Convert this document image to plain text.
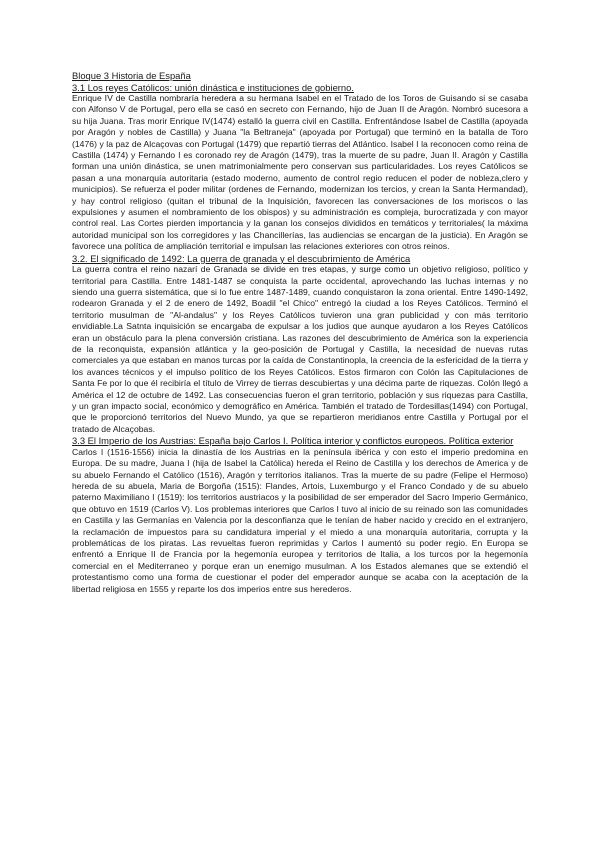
Bloque 3 Historia de España

3.1 Los reyes Católicos: unión dinástica e instituciones de gobierno.

Enrique IV de Castilla nombraría heredera a su hermana Isabel en el Tratado de los Toros de Guisando si se casaba con Alfonso V de Portugal, pero ella se casó en secreto con Fernando, hijo de Juan II de Aragón. Nombró sucesora a su hija Juana. Tras morir Enrique IV(1474) estalló la guerra civil en Castilla. Enfrentándose Isabel de Castilla (apoyada por Aragón y nobles de Castilla) y Juana "la Beltraneja" (apoyada por Portugal) que terminó en la batalla de Toro (1476) y la paz de Alcaçovas con Portugal (1479) que repartió tierras del Atlántico. Isabel I la reconocen como reina de Castilla (1474) y Fernando I es coronado rey de Aragón (1479), tras la muerte de su padre, Juan II. Aragón y Castilla forman una unión dinástica, se unen matrimonialmente pero conservan sus particularidades. Los reyes Católicos se pasan a una monarquía autoritaria (estado moderno, aumento de control regio reducen el poder de nobleza,clero y municipios). Se refuerza el poder militar (ordenes de Fernando, modernizan los tercios, y crean la Santa Hermandad), y hay control religioso (quitan el tribunal de la Inquisición, favorecen las conversaciones de los moriscos o las expulsiones y asumen el nombramiento de los obispos) y su administración es compleja, burocratizada y con mayor control real. Las Cortes pierden importancia y la ganan los consejos divididos en temáticos y territoriales( la máxima autoridad municipal son los corregidores y las Chancillerías, las audiencias se encargan de la justicia). En Aragón se favorece una política de ampliación territorial e impulsan las relaciones exteriores con otros reinos.

3.2. El significado de 1492: La guerra de granada y el descubrimiento de América

La guerra contra el reino nazarí de Granada se divide en tres etapas, y surge como un objetivo religioso, político y territorial para Castilla. Entre 1481-1487 se conquista la parte occidental, aprovechando las luchas internas y no siendo una guerra sistemática, que si lo fue entre 1487-1489, cuando conquistaron la zona oriental. Entre 1490-1492, rodearon Granada y el 2 de enero de 1492, Boadil "el Chico" entregó la ciudad a los Reyes Católicos. Terminó el territorio musulman de "Al-andalus" y los Reyes Católicos tuvieron una gran publicidad y con más territorio envidiable.La Satnta inquisición se encargaba de expulsar a los judios que aunque ayudaron a los Reyes Católicos eran un obstáculo para la plena conversión cristiana. Las razones del descubrimiento de América son la experiencia de la reconquista, expansión atlántica y la geo-posición de Portugal y Castilla, la necesidad de nuevas rutas comerciales ya que estaban en manos turcas por la caída de Constantinopla, la creencia de la esfericidad de la tierra y los avances técnicos y el impulso político de los Reyes Católicos. Estos firmaron con Colón las Capitulaciones de Santa Fe por lo que él recibiría el título de Virrey de tierras descubiertas y una décima parte de riquezas. Colón llegó a América el 12 de octubre de 1492. Las consecuencias fueron el gran territorio, población y sus riquezas para Castilla, y un gran impacto social, económico y demográfico en América. También el tratado de Tordesillas(1494) con Portugal, que le proporcionó territorios del Nuevo Mundo, ya que se repartieron meridianos entre Castilla y Portugal por el tratado de Alcaçobas.

3.3 El Imperio de los Austrias: España bajo Carlos I. Política interior y conflictos europeos. Política exterior

Carlos I (1516-1556) inicia la dinastía de los Austrias en la península ibérica y con esto el imperio predomina en Europa. De su madre, Juana I (hija de Isabel la Católica) hereda el Reino de Castilla y los derechos de America y de su abuelo Fernando el Católico (1516), Aragón y territorios italianos. Tras la muerte de su padre (Felipe el Hermoso) hereda de su abuela, Maria de Borgoña (1515): Flandes, Artois, Luxemburgo y el Franco Condado y de su abuelo paterno Maximiliano I (1519): los territorios austriacos y la posibilidad de ser emperador del Sacro Imperio Germánico, que obtuvo en 1519 (Carlos V). Los problemas interiores que Carlos I tuvo al inicio de su reinado son las comunidades en Castilla y las Germanías en Valencia por la desconfianza que le tenían de haber nacido y crecido en el extranjero, la reclamación de impuestos para su candidatura imperial y el miedo a una monarquía autoritaria, corrupta y la problemáticas de los piratas. Las revueltas fueron reprimidas y Carlos I aumentó su poder regio. En Europa se enfrentó a Enrique II de Francia por la hegemonía europea y territorios de Italia, a los turcos por la hegemonía comercial en el Mediterraneo y porque eran un enemigo musulman. A los Estados alemanes que se extendió el protestantismo como una forma de cuestionar el poder del emperador aunque se acaba con la aceptación de la libertad religiosa en 1555 y reparte los dos imperios entre sus herederos.
